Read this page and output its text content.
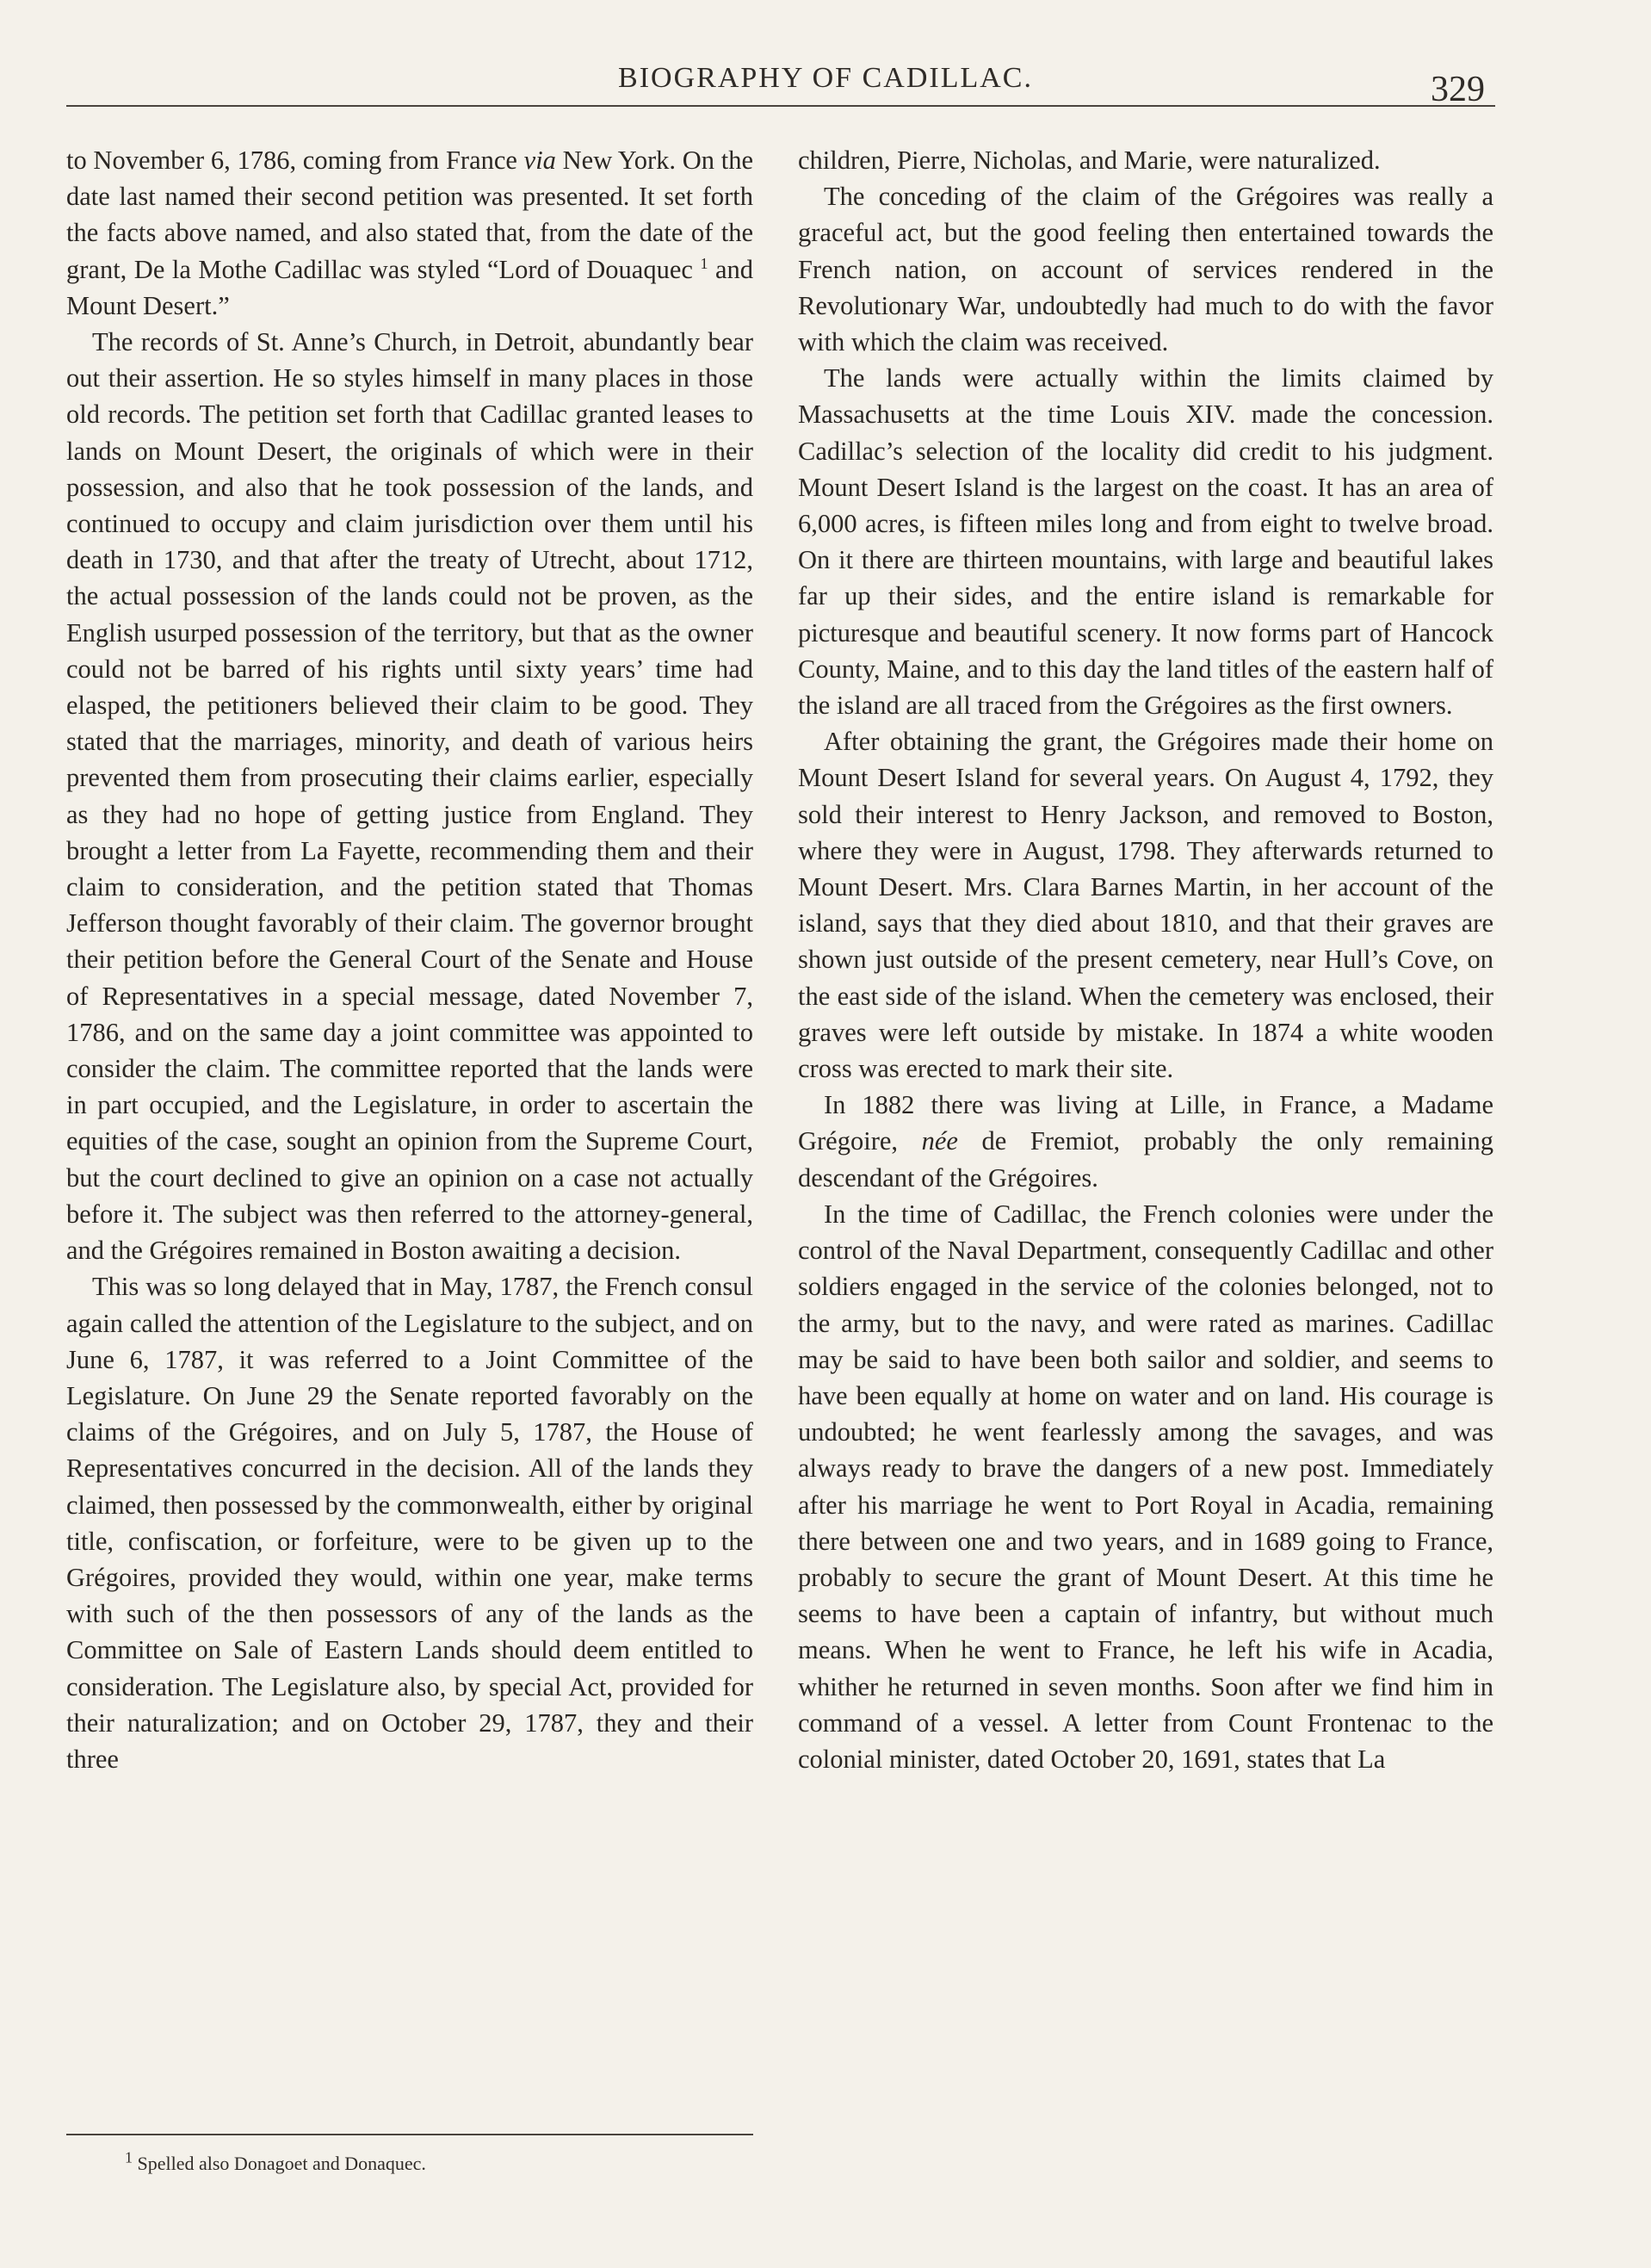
BIOGRAPHY OF CADILLAC.	329

to November 6, 1786, coming from France via New York. On the date last named their second petition was presented. It set forth the facts above named, and also stated that, from the date of the grant, De la Mothe Cadillac was styled “Lord of Douaquec $^1$ and Mount Desert.”

The records of St. Anne’s Church, in Detroit, abundantly bear out their assertion. He so styles himself in many places in those old records. The petition set forth that Cadillac granted leases to lands on Mount Desert, the originals of which were in their possession, and also that he took possession of the lands, and continued to occupy and claim jurisdiction over them until his death in 1730, and that after the treaty of Utrecht, about 1712, the actual possession of the lands could not be proven, as the English usurped possession of the territory, but that as the owner could not be barred of his rights until sixty years’ time had elasped, the petitioners believed their claim to be good. They stated that the marriages, minority, and death of various heirs prevented them from prosecuting their claims earlier, especially as they had no hope of getting justice from England. They brought a letter from La Fayette, recommending them and their claim to consideration, and the petition stated that Thomas Jefferson thought favorably of their claim. The governor brought their petition before the General Court of the Senate and House of Representatives in a special message, dated November 7, 1786, and on the same day a joint committee was appointed to consider the claim. The committee reported that the lands were in part occupied, and the Legislature, in order to ascertain the equities of the case, sought an opinion from the Supreme Court, but the court declined to give an opinion on a case not actually before it. The subject was then referred to the attorney-general, and the Grégoires remained in Boston awaiting a decision.

This was so long delayed that in May, 1787, the French consul again called the attention of the Legislature to the subject, and on June 6, 1787, it was referred to a Joint Committee of the Legislature. On June 29 the Senate reported favorably on the claims of the Grégoires, and on July 5, 1787, the House of Representatives concurred in the decision. All of the lands they claimed, then possessed by the commonwealth, either by original title, confiscation, or forfeiture, were to be given up to the Grégoires, provided they would, within one year, make terms with such of the then possessors of any of the lands as the Committee on Sale of Eastern Lands should deem entitled to consideration. The Legislature also, by special Act, provided for their naturalization; and on October 29, 1787, they and their three

children, Pierre, Nicholas, and Marie, were naturalized.

The conceding of the claim of the Grégoires was really a graceful act, but the good feeling then entertained towards the French nation, on account of services rendered in the Revolutionary War, undoubtedly had much to do with the favor with which the claim was received.

The lands were actually within the limits claimed by Massachusetts at the time Louis XIV. made the concession. Cadillac’s selection of the locality did credit to his judgment. Mount Desert Island is the largest on the coast. It has an area of 6,000 acres, is fifteen miles long and from eight to twelve broad. On it there are thirteen mountains, with large and beautiful lakes far up their sides, and the entire island is remarkable for picturesque and beautiful scenery. It now forms part of Hancock County, Maine, and to this day the land titles of the eastern half of the island are all traced from the Grégoires as the first owners.

After obtaining the grant, the Grégoires made their home on Mount Desert Island for several years. On August 4, 1792, they sold their interest to Henry Jackson, and removed to Boston, where they were in August, 1798. They afterwards returned to Mount Desert. Mrs. Clara Barnes Martin, in her account of the island, says that they died about 1810, and that their graves are shown just outside of the present cemetery, near Hull’s Cove, on the east side of the island. When the cemetery was enclosed, their graves were left outside by mistake. In 1874 a white wooden cross was erected to mark their site.

In 1882 there was living at Lille, in France, a Madame Grégoire, née de Fremiot, probably the only remaining descendant of the Grégoires.

In the time of Cadillac, the French colonies were under the control of the Naval Department, consequently Cadillac and other soldiers engaged in the service of the colonies belonged, not to the army, but to the navy, and were rated as marines. Cadillac may be said to have been both sailor and soldier, and seems to have been equally at home on water and on land. His courage is undoubted; he went fearlessly among the savages, and was always ready to brave the dangers of a new post. Immediately after his marriage he went to Port Royal in Acadia, remaining there between one and two years, and in 1689 going to France, probably to secure the grant of Mount Desert. At this time he seems to have been a captain of infantry, but without much means. When he went to France, he left his wife in Acadia, whither he returned in seven months. Soon after we find him in command of a vessel. A letter from Count Frontenac to the colonial minister, dated October 20, 1691, states that La

$^1$ Spelled also Donagoet and Donaquec.
